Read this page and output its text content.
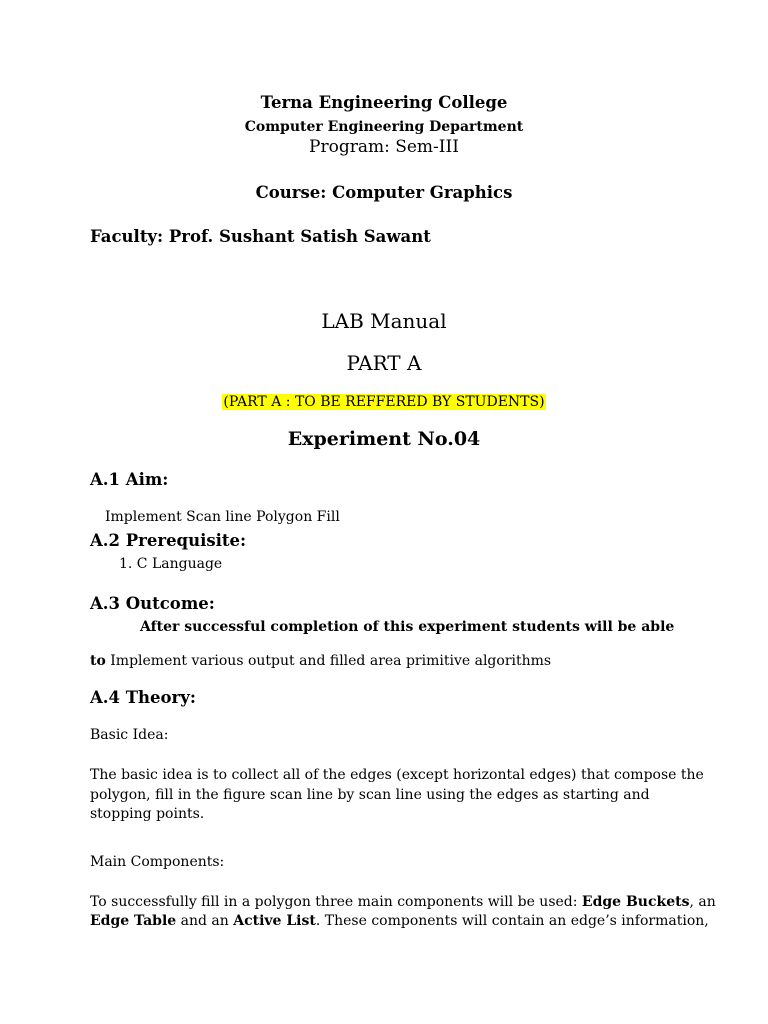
Terna Engineering College
Computer Engineering Department
Program: Sem-III
Course: Computer Graphics
Faculty: Prof. Sushant Satish Sawant
LAB Manual
PART A
(PART A : TO BE REFFERED BY STUDENTS)
Experiment No.04
A.1 Aim:
Implement Scan line Polygon Fill
A.2 Prerequisite:
1. C Language
A.3 Outcome:
After successful completion of this experiment students will be able
to Implement various output and filled area primitive algorithms
A.4 Theory:
Basic Idea:
The basic idea is to collect all of the edges (except horizontal edges) that compose the
polygon, fill in the figure scan line by scan line using the edges as starting and
stopping points.
Main Components:
To successfully fill in a polygon three main components will be used: Edge Buckets, an
Edge Table and an Active List. These components will contain an edge’s information,
